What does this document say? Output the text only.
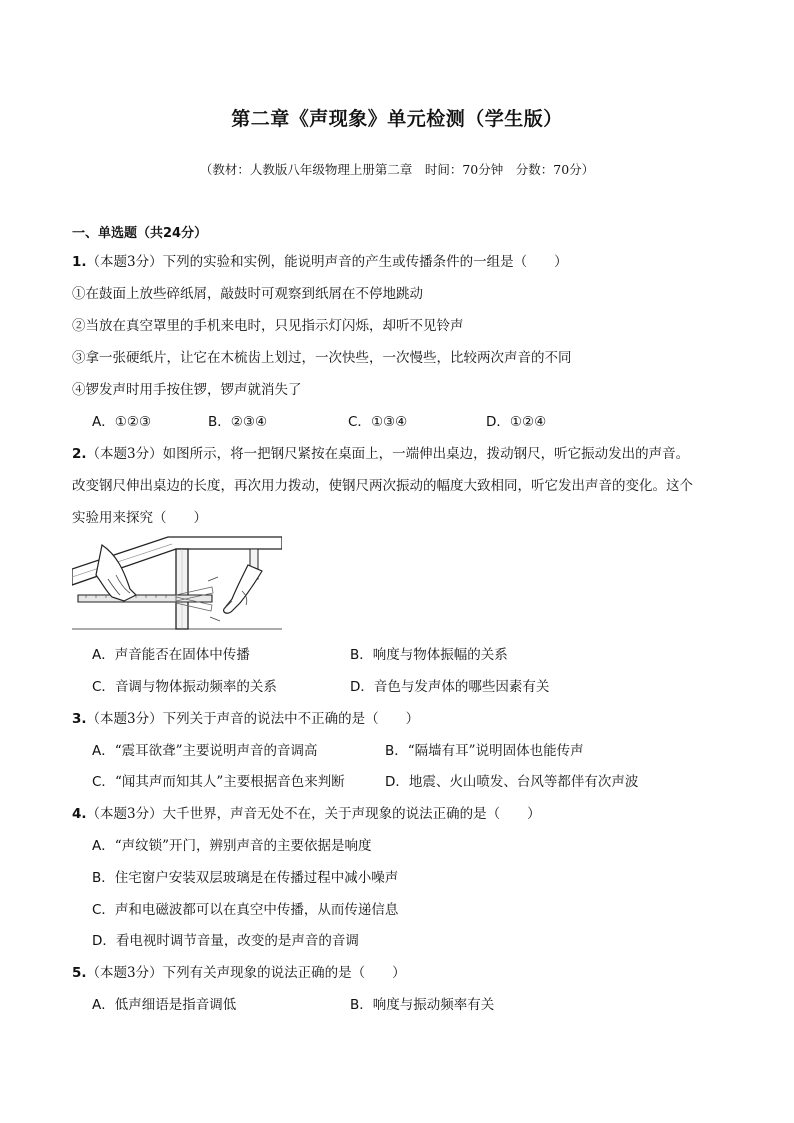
第二章《声现象》单元检测（学生版）
（教材：人教版八年级物理上册第二章　时间：70分钟　分数：70分）
一、单选题（共24分）
1.（本题3分）下列的实验和实例，能说明声音的产生或传播条件的一组是（　　）
①在鼓面上放些碎纸屑，敲鼓时可观察到纸屑在不停地跳动
②当放在真空罩里的手机来电时，只见指示灯闪烁，却听不见铃声
③拿一张硬纸片，让它在木梳齿上划过，一次快些，一次慢些，比较两次声音的不同
④锣发声时用手按住锣，锣声就消失了
A．①②③	B．②③④	C．①③④	D．①②④
2.（本题3分）如图所示，将一把钢尺紧按在桌面上，一端伸出桌边，拨动钢尺，听它振动发出的声音。
改变钢尺伸出桌边的长度，再次用力拨动，使钢尺两次振动的幅度大致相同，听它发出声音的变化。这个
实验用来探究（　　）
A．声音能否在固体中传播	B．响度与物体振幅的关系
C．音调与物体振动频率的关系	D．音色与发声体的哪些因素有关
3.（本题3分）下列关于声音的说法中不正确的是（　　）
A．“震耳欲聋”主要说明声音的音调高	B．“隔墙有耳”说明固体也能传声
C．“闻其声而知其人”主要根据音色来判断	D．地震、火山喷发、台风等都伴有次声波
4.（本题3分）大千世界，声音无处不在，关于声现象的说法正确的是（　　）
A．“声纹锁”开门，辨别声音的主要依据是响度
B．住宅窗户安装双层玻璃是在传播过程中减小噪声
C．声和电磁波都可以在真空中传播，从而传递信息
D．看电视时调节音量，改变的是声音的音调
5.（本题3分）下列有关声现象的说法正确的是（　　）
A．低声细语是指音调低	B．响度与振动频率有关
